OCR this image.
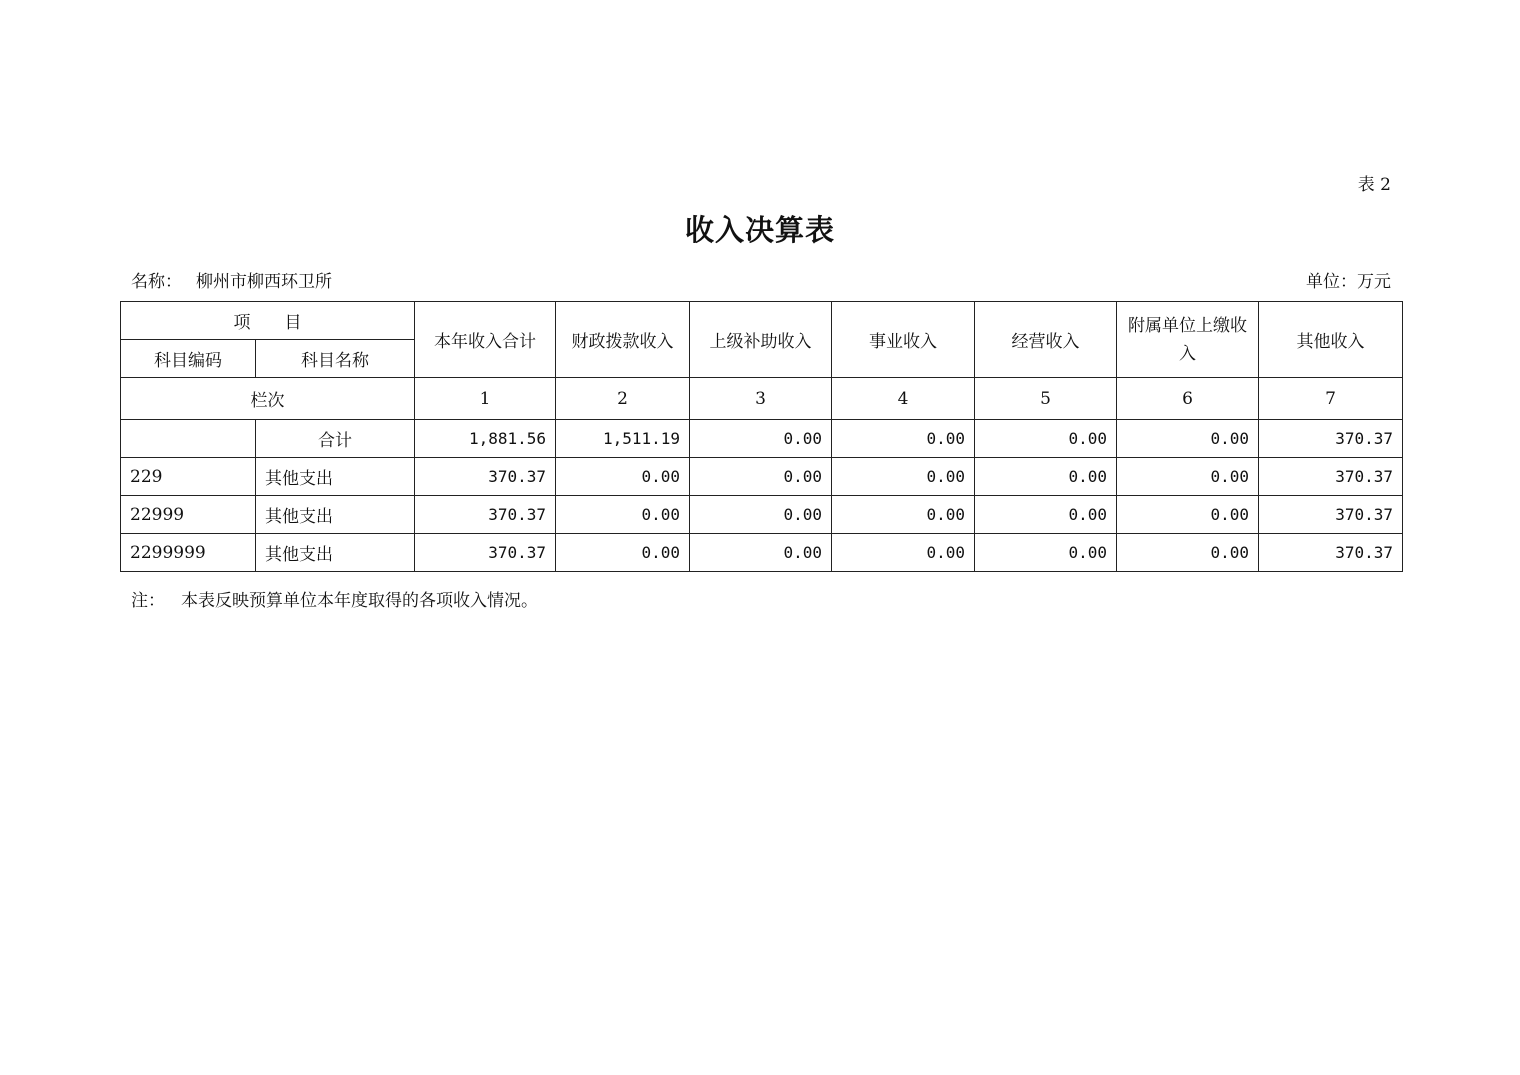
表 2
收入决算表
名称： 柳州市柳西环卫所	单位：万元
项　　目		本年收入合计	财政拨款收入	上级补助收入	事业收入	经营收入	附属单位上缴收入	其他收入
科目编码	科目名称							
栏次		1	2	3	4	5	6	7
	合计	1,881.56	1,511.19	0.00	0.00	0.00	0.00	370.37
229	其他支出	370.37	0.00	0.00	0.00	0.00	0.00	370.37
22999	其他支出	370.37	0.00	0.00	0.00	0.00	0.00	370.37
2299999	其他支出	370.37	0.00	0.00	0.00	0.00	0.00	370.37
注： 本表反映预算单位本年度取得的各项收入情况。
